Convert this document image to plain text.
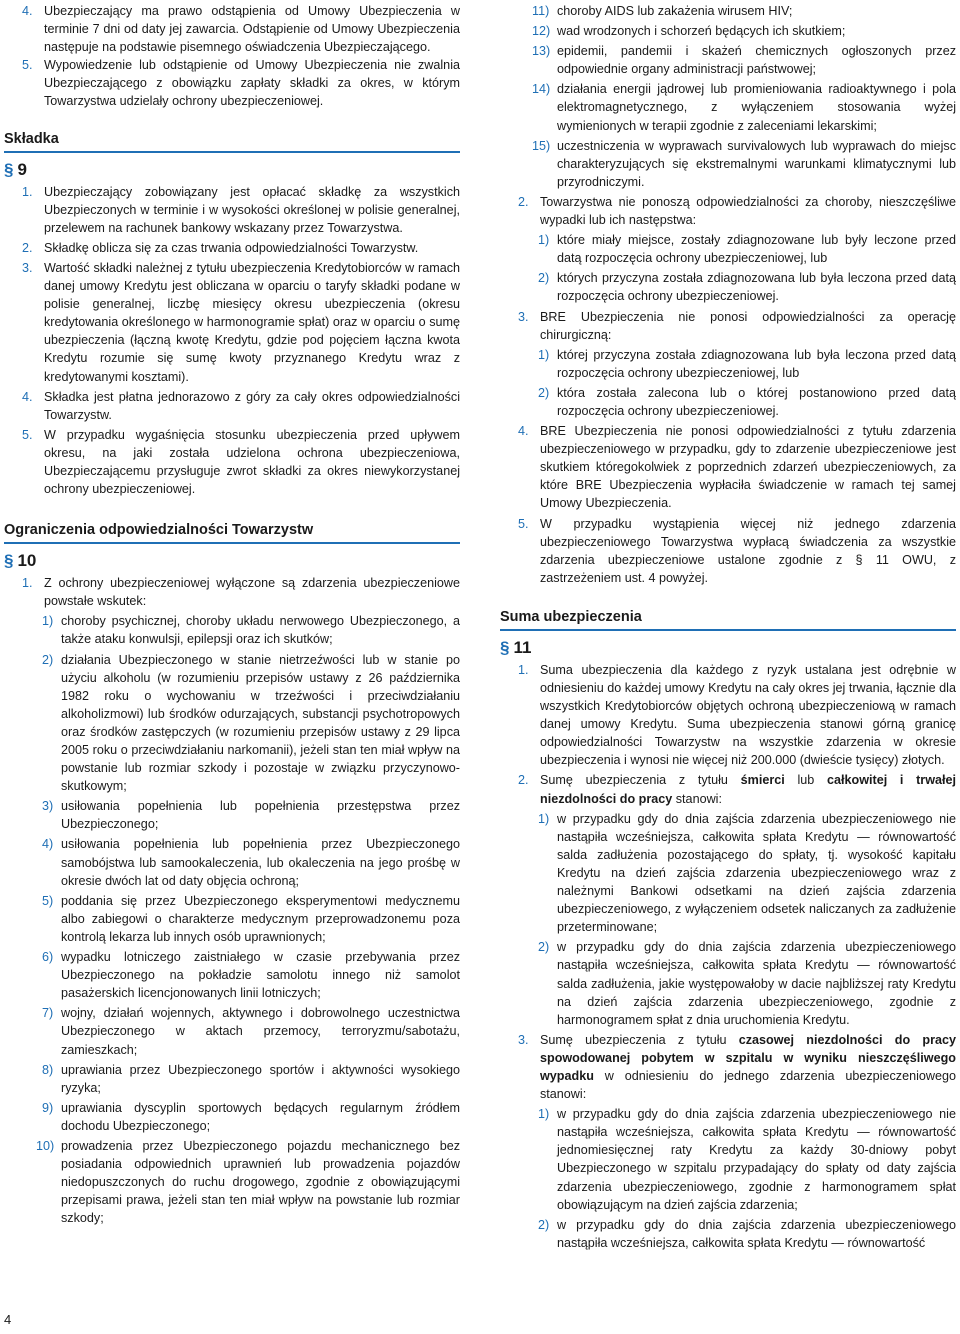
4. Ubezpieczający ma prawo odstąpienia od Umowy Ubezpieczenia w terminie 7 dni od daty jej zawarcia. Odstąpienie od Umowy Ubezpieczenia następuje na podstawie pisemnego oświadczenia Ubezpieczającego.
5. Wypowiedzenie lub odstąpienie od Umowy Ubezpieczenia nie zwalnia Ubezpieczającego z obowiązku zapłaty składki za okres, w którym Towarzystwa udzielały ochrony ubezpieczeniowej.
Składka
§ 9
1. Ubezpieczający zobowiązany jest opłacać składkę za wszystkich Ubezpieczonych w terminie i w wysokości określonej w polisie generalnej, przelewem na rachunek bankowy wskazany przez Towarzystwa.
2. Składkę oblicza się za czas trwania odpowiedzialności Towarzystw.
3. Wartość składki należnej z tytułu ubezpieczenia Kredytobiorców w ramach danej umowy Kredytu jest obliczana w oparciu o taryfy składki podane w polisie generalnej, liczbę miesięcy okresu ubezpieczenia (okresu kredytowania określonego w harmonogramie spłat) oraz w oparciu o sumę ubezpieczenia (łączną kwotę Kredytu, gdzie pod pojęciem łączna kwota Kredytu rozumie się sumę kwoty przyznanego Kredytu wraz z kredytowanymi kosztami).
4. Składka jest płatna jednorazowo z góry za cały okres odpowiedzialności Towarzystw.
5. W przypadku wygaśnięcia stosunku ubezpieczenia przed upływem okresu, na jaki została udzielona ochrona ubezpieczeniowa, Ubezpieczającemu przysługuje zwrot składki za okres niewykorzystanej ochrony ubezpieczeniowej.
Ograniczenia odpowiedzialności Towarzystw
§ 10
1. Z ochrony ubezpieczeniowej wyłączone są zdarzenia ubezpieczeniowe powstałe wskutek:
1) choroby psychicznej, choroby układu nerwowego Ubezpieczonego, a także ataku konwulsji, epilepsji oraz ich skutków;
2) działania Ubezpieczonego w stanie nietrzeźwości lub w stanie po użyciu alkoholu (w rozumieniu przepisów ustawy z 26 października 1982 roku o wychowaniu w trzeźwości i przeciwdziałaniu alkoholizmowi) lub środków odurzających, substancji psychotropowych oraz środków zastępczych (w rozumieniu przepisów ustawy z 29 lipca 2005 roku o przeciwdziałaniu narkomanii), jeżeli stan ten miał wpływ na powstanie lub rozmiar szkody i pozostaje w związku przyczynowo-skutkowym;
3) usiłowania popełnienia lub popełnienia przestępstwa przez Ubezpieczonego;
4) usiłowania popełnienia lub popełnienia przez Ubezpieczonego samobójstwa lub samookaleczenia, lub okaleczenia na jego prośbę w okresie dwóch lat od daty objęcia ochroną;
5) poddania się przez Ubezpieczonego eksperymentowi medycznemu albo zabiegowi o charakterze medycznym przeprowadzonemu poza kontrolą lekarza lub innych osób uprawnionych;
6) wypadku lotniczego zaistniałego w czasie przebywania przez Ubezpieczonego na pokładzie samolotu innego niż samolot pasażerskich licencjonowanych linii lotniczych;
7) wojny, działań wojennych, aktywnego i dobrowolnego uczestnictwa Ubezpieczonego w aktach przemocy, terroryzmu/sabotażu, zamieszkach;
8) uprawiania przez Ubezpieczonego sportów i aktywności wysokiego ryzyka;
9) uprawiania dyscyplin sportowych będących regularnym źródłem dochodu Ubezpieczonego;
10) prowadzenia przez Ubezpieczonego pojazdu mechanicznego bez posiadania odpowiednich uprawnień lub prowadzenia pojazdów niedopuszczonych do ruchu drogowego, zgodnie z obowiązującymi przepisami prawa, jeżeli stan ten miał wpływ na powstanie lub rozmiar szkody;
11) choroby AIDS lub zakażenia wirusem HIV;
12) wad wrodzonych i schorzeń będących ich skutkiem;
13) epidemii, pandemii i skażeń chemicznych ogłoszonych przez odpowiednie organy administracji państwowej;
14) działania energii jądrowej lub promieniowania radioaktywnego i pola elektromagnetycznego, z wyłączeniem stosowania wyżej wymienionych w terapii zgodnie z zaleceniami lekarskimi;
15) uczestniczenia w wyprawach survivalowych lub wyprawach do miejsc charakteryzujących się ekstremalnymi warunkami klimatycznymi lub przyrodniczymi.
2. Towarzystwa nie ponoszą odpowiedzialności za choroby, nieszczęśliwe wypadki lub ich następstwa:
1) które miały miejsce, zostały zdiagnozowane lub były leczone przed datą rozpoczęcia ochrony ubezpieczeniowej, lub
2) których przyczyna została zdiagnozowana lub była leczona przed datą rozpoczęcia ochrony ubezpieczeniowej.
3. BRE Ubezpieczenia nie ponosi odpowiedzialności za operację chirurgiczną:
1) której przyczyna została zdiagnozowana lub była leczona przed datą rozpoczęcia ochrony ubezpieczeniowej, lub
2) która została zalecona lub o której postanowiono przed datą rozpoczęcia ochrony ubezpieczeniowej.
4. BRE Ubezpieczenia nie ponosi odpowiedzialności z tytułu zdarzenia ubezpieczeniowego w przypadku, gdy to zdarzenie ubezpieczeniowe jest skutkiem któregokolwiek z poprzednich zdarzeń ubezpieczeniowych, za które BRE Ubezpieczenia wypłaciła świadczenie w ramach tej samej Umowy Ubezpieczenia.
5. W przypadku wystąpienia więcej niż jednego zdarzenia ubezpieczeniowego Towarzystwa wypłacą świadczenia za wszystkie zdarzenia ubezpieczeniowe ustalone zgodnie z § 11 OWU, z zastrzeżeniem ust. 4 powyżej.
Suma ubezpieczenia
§ 11
1. Suma ubezpieczenia dla każdego z ryzyk ustalana jest odrębnie w odniesieniu do każdej umowy Kredytu na cały okres jej trwania, łącznie dla wszystkich Kredytobiorców objętych ochroną ubezpieczeniową w ramach danej umowy Kredytu. Suma ubezpieczenia stanowi górną granicę odpowiedzialności Towarzystw na wszystkie zdarzenia w okresie ubezpieczenia i wynosi nie więcej niż 200.000 (dwieście tysięcy) złotych.
2. Sumę ubezpieczenia z tytułu śmierci lub całkowitej i trwałej niezdolności do pracy stanowi:
1) w przypadku gdy do dnia zajścia zdarzenia ubezpieczeniowego nie nastąpiła wcześniejsza, całkowita spłata Kredytu — równowartość salda zadłużenia pozostającego do spłaty, tj. wysokość kapitału Kredytu na dzień zajścia zdarzenia ubezpieczeniowego wraz z należnymi Bankowi odsetkami na dzień zajścia zdarzenia ubezpieczeniowego, z wyłączeniem odsetek naliczanych za zadłużenie przeterminowane;
2) w przypadku gdy do dnia zajścia zdarzenia ubezpieczeniowego nastąpiła wcześniejsza, całkowita spłata Kredytu — równowartość salda zadłużenia, jakie występowałoby w dacie najbliższej raty Kredytu na dzień zajścia zdarzenia ubezpieczeniowego, zgodnie z harmonogramem spłat z dnia uruchomienia Kredytu.
3. Sumę ubezpieczenia z tytułu czasowej niezdolności do pracy spowodowanej pobytem w szpitalu w wyniku nieszczęśliwego wypadku w odniesieniu do jednego zdarzenia ubezpieczeniowego stanowi:
1) w przypadku gdy do dnia zajścia zdarzenia ubezpieczeniowego nie nastąpiła wcześniejsza, całkowita spłata Kredytu — równowartość jednomiesięcznej raty Kredytu za każdy 30-dniowy pobyt Ubezpieczonego w szpitalu przypadający do spłaty od daty zajścia zdarzenia ubezpieczeniowego, zgodnie z harmonogramem spłat obowiązującym na dzień zajścia zdarzenia;
2) w przypadku gdy do dnia zajścia zdarzenia ubezpieczeniowego nastąpiła wcześniejsza, całkowita spłata Kredytu — równowartość
4
